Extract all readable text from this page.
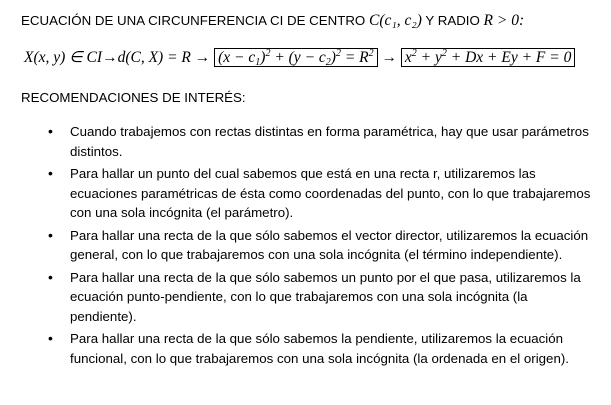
ECUACIÓN DE UNA CIRCUNFERENCIA CI DE CENTRO C(c₁, c₂) Y RADIO R > 0:
X(x, y) ∈ CI→d(C, $X) = R \to (x - c_1)^2 + (y - c_2)^2 = R^2 \to x^2 + y^2 + Dx + Ey + F = 0$
RECOMENDACIONES DE INTERÉS:
• Cuando trabajemos con rectas distintas en forma paramétrica, hay que usar parámetros distintos.
• Para hallar un punto del cual sabemos que está en una recta r, utilizaremos las ecuaciones paramétricas de ésta como coordenadas del punto, con lo que trabajaremos con una sola incógnita (el parámetro).
• Para hallar una recta de la que sólo sabemos el vector director, utilizaremos la ecuación general, con lo que trabajaremos con una sola incógnita (el término independiente).
• Para hallar una recta de la que sólo sabemos un punto por el que pasa, utilizaremos la ecuación punto-pendiente, con lo que trabajaremos con una sola incógnita (la pendiente).
• Para hallar una recta de la que sólo sabemos la pendiente, utilizaremos la ecuación funcional, con lo que trabajaremos con una sola incógnita (la ordenada en el origen).
